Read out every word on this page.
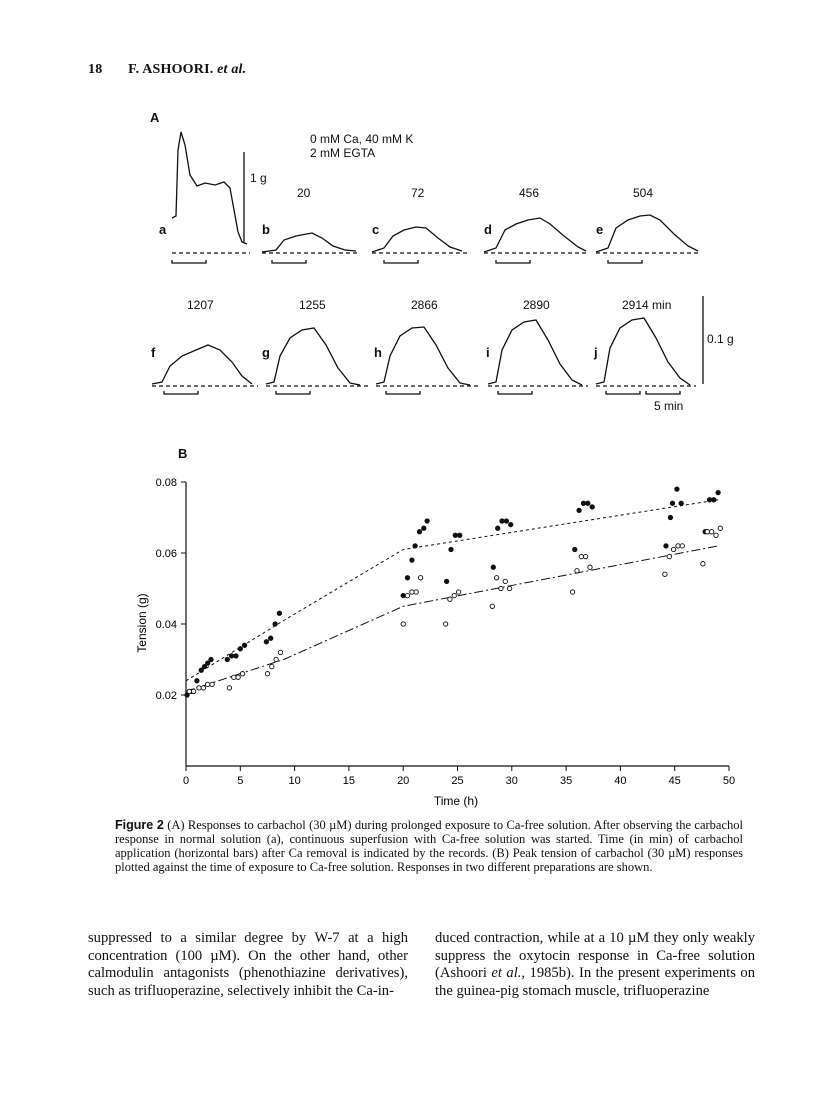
18 F. ASHOORI. et al.
A
0 mM Ca, 40 mM K
2 mM EGTA
1 g
0.1 g
5 min
a	b	c	d	e
f	g	h	i	j
20	72	456	504
1207	1255	2866	2890	2914 min
B
0	5	10	15	20	25	30	35	40	45	50
0.02
0.04
0.06
0.08
Time (h)
Tension (g)
Figure 2 (A) Responses to carbachol (30 µM) during prolonged exposure to Ca-free solution. After observing the carbachol response in normal solution (a), continuous superfusion with Ca-free solution was started. Time (in min) of carbachol application (horizontal bars) after Ca removal is indicated by the records. (B) Peak tension of carbachol (30 µM) responses plotted against the time of exposure to Ca-free solution. Responses in two different preparations are shown.
suppressed to a similar degree by W-7 at a high concentration (100 µM). On the other hand, other calmodulin antagonists (phenothiazine derivatives), such as trifluoperazine, selectively inhibit the Ca-in-
duced contraction, while at a 10 µM they only weakly suppress the oxytocin response in Ca-free solution (Ashoori et al., 1985b). In the present experiments on the guinea-pig stomach muscle, trifluoperazine
